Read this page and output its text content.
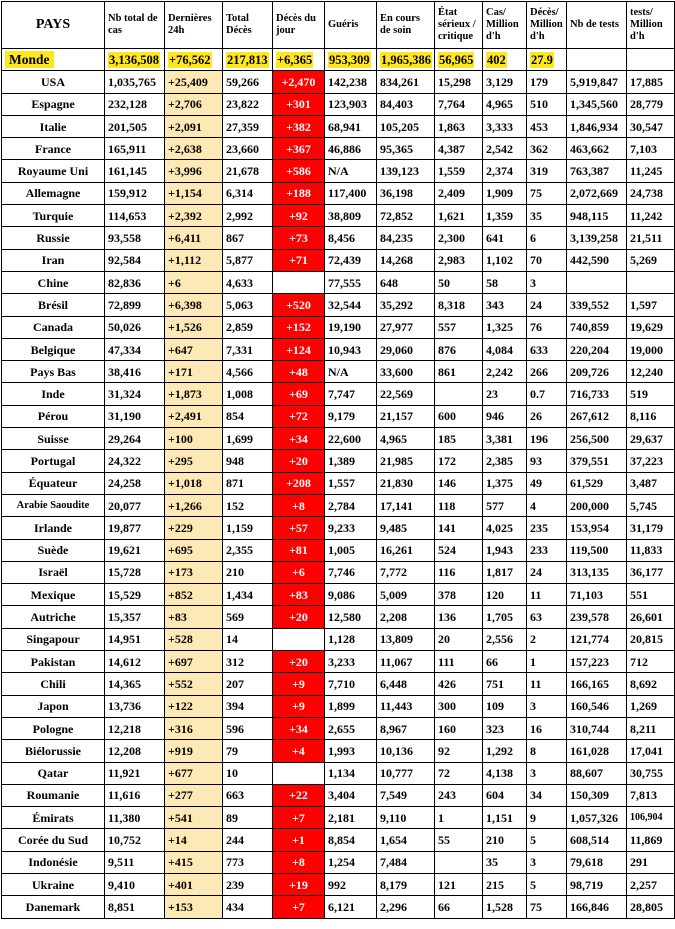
PAYS	Nb total de cas	Dernières 24h	Total Décès	Décès du jour	Guéris	En cours de soin	État sérieux / critique	Cas/ Million d'h	Décès/ Million d'h	Nb de tests	tests/ Million d'h
Monde	3,136,508	+76,562	217,813	+6,365	953,309	1,965,386	56,965	402	27.9		
USA	1,035,765	+25,409	59,266	+2,470	142,238	834,261	15,298	3,129	179	5,919,847	17,885
Espagne	232,128	+2,706	23,822	+301	123,903	84,403	7,764	4,965	510	1,345,560	28,779
Italie	201,505	+2,091	27,359	+382	68,941	105,205	1,863	3,333	453	1,846,934	30,547
France	165,911	+2,638	23,660	+367	46,886	95,365	4,387	2,542	362	463,662	7,103
Royaume Uni	161,145	+3,996	21,678	+586	N/A	139,123	1,559	2,374	319	763,387	11,245
Allemagne	159,912	+1,154	6,314	+188	117,400	36,198	2,409	1,909	75	2,072,669	24,738
Turquie	114,653	+2,392	2,992	+92	38,809	72,852	1,621	1,359	35	948,115	11,242
Russie	93,558	+6,411	867	+73	8,456	84,235	2,300	641	6	3,139,258	21,511
Iran	92,584	+1,112	5,877	+71	72,439	14,268	2,983	1,102	70	442,590	5,269
Chine	82,836	+6	4,633		77,555	648	50	58	3		
Brésil	72,899	+6,398	5,063	+520	32,544	35,292	8,318	343	24	339,552	1,597
Canada	50,026	+1,526	2,859	+152	19,190	27,977	557	1,325	76	740,859	19,629
Belgique	47,334	+647	7,331	+124	10,943	29,060	876	4,084	633	220,204	19,000
Pays Bas	38,416	+171	4,566	+48	N/A	33,600	861	2,242	266	209,726	12,240
Inde	31,324	+1,873	1,008	+69	7,747	22,569		23	0.7	716,733	519
Pérou	31,190	+2,491	854	+72	9,179	21,157	600	946	26	267,612	8,116
Suisse	29,264	+100	1,699	+34	22,600	4,965	185	3,381	196	256,500	29,637
Portugal	24,322	+295	948	+20	1,389	21,985	172	2,385	93	379,551	37,223
Équateur	24,258	+1,018	871	+208	1,557	21,830	146	1,375	49	61,529	3,487
Arabie Saoudite	20,077	+1,266	152	+8	2,784	17,141	118	577	4	200,000	5,745
Irlande	19,877	+229	1,159	+57	9,233	9,485	141	4,025	235	153,954	31,179
Suède	19,621	+695	2,355	+81	1,005	16,261	524	1,943	233	119,500	11,833
Israël	15,728	+173	210	+6	7,746	7,772	116	1,817	24	313,135	36,177
Mexique	15,529	+852	1,434	+83	9,086	5,009	378	120	11	71,103	551
Autriche	15,357	+83	569	+20	12,580	2,208	136	1,705	63	239,578	26,601
Singapour	14,951	+528	14		1,128	13,809	20	2,556	2	121,774	20,815
Pakistan	14,612	+697	312	+20	3,233	11,067	111	66	1	157,223	712
Chili	14,365	+552	207	+9	7,710	6,448	426	751	11	166,165	8,692
Japon	13,736	+122	394	+9	1,899	11,443	300	109	3	160,546	1,269
Pologne	12,218	+316	596	+34	2,655	8,967	160	323	16	310,744	8,211
Biélorussie	12,208	+919	79	+4	1,993	10,136	92	1,292	8	161,028	17,041
Qatar	11,921	+677	10		1,134	10,777	72	4,138	3	88,607	30,755
Roumanie	11,616	+277	663	+22	3,404	7,549	243	604	34	150,309	7,813
Émirats	11,380	+541	89	+7	2,181	9,110	1	1,151	9	1,057,326	106,904
Corée du Sud	10,752	+14	244	+1	8,854	1,654	55	210	5	608,514	11,869
Indonésie	9,511	+415	773	+8	1,254	7,484		35	3	79,618	291
Ukraine	9,410	+401	239	+19	992	8,179	121	215	5	98,719	2,257
Danemark	8,851	+153	434	+7	6,121	2,296	66	1,528	75	166,846	28,805
